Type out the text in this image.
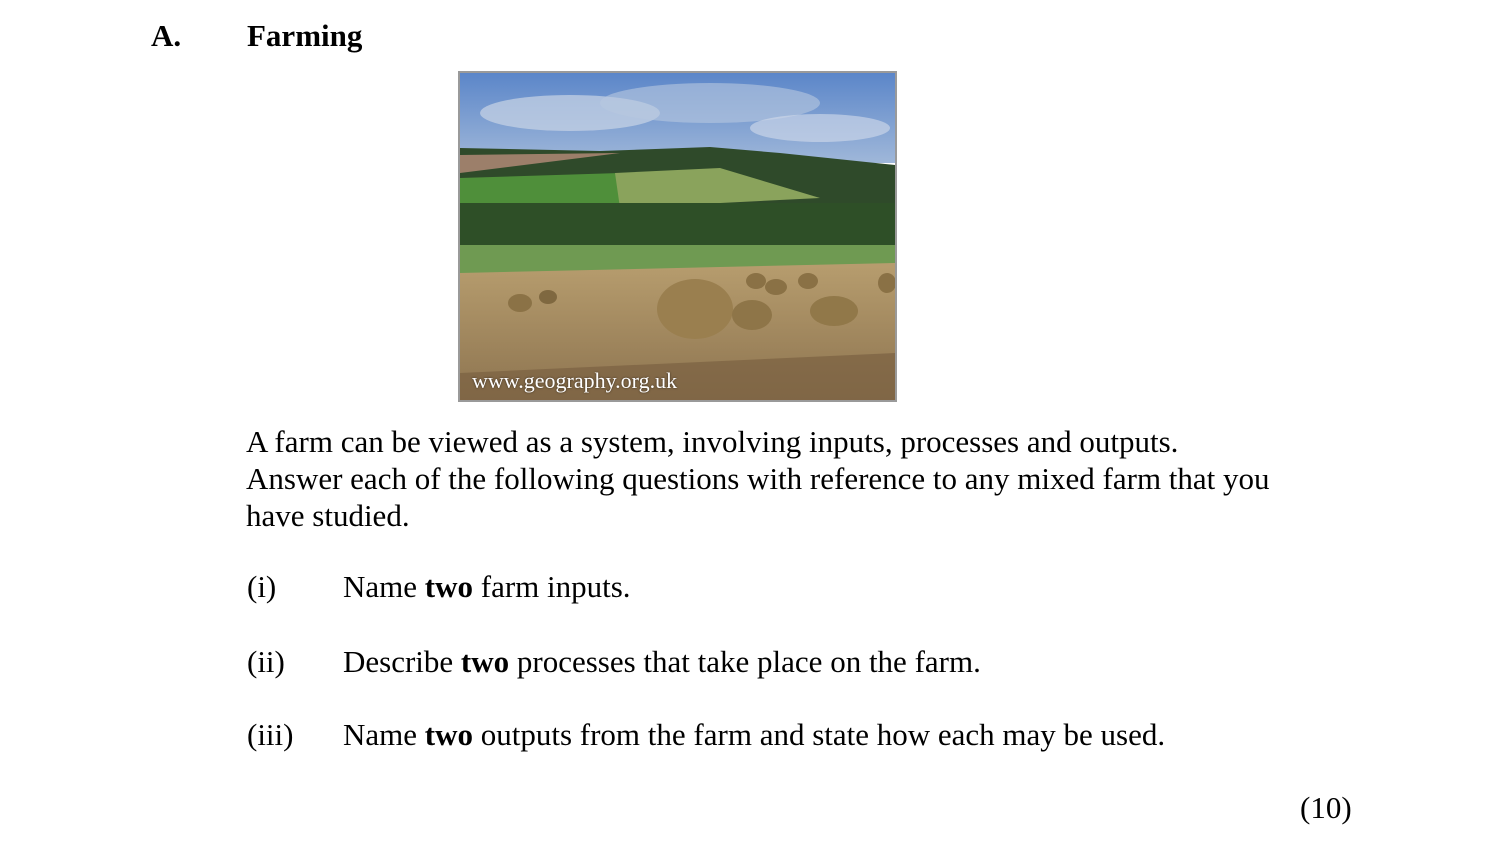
A. Farming
www.geography.org.uk
A farm can be viewed as a system, involving inputs, processes and outputs.
Answer each of the following questions with reference to any mixed farm that you
have studied.
(i) Name two farm inputs.
(ii) Describe two processes that take place on the farm.
(iii) Name two outputs from the farm and state how each may be used.
(10)
